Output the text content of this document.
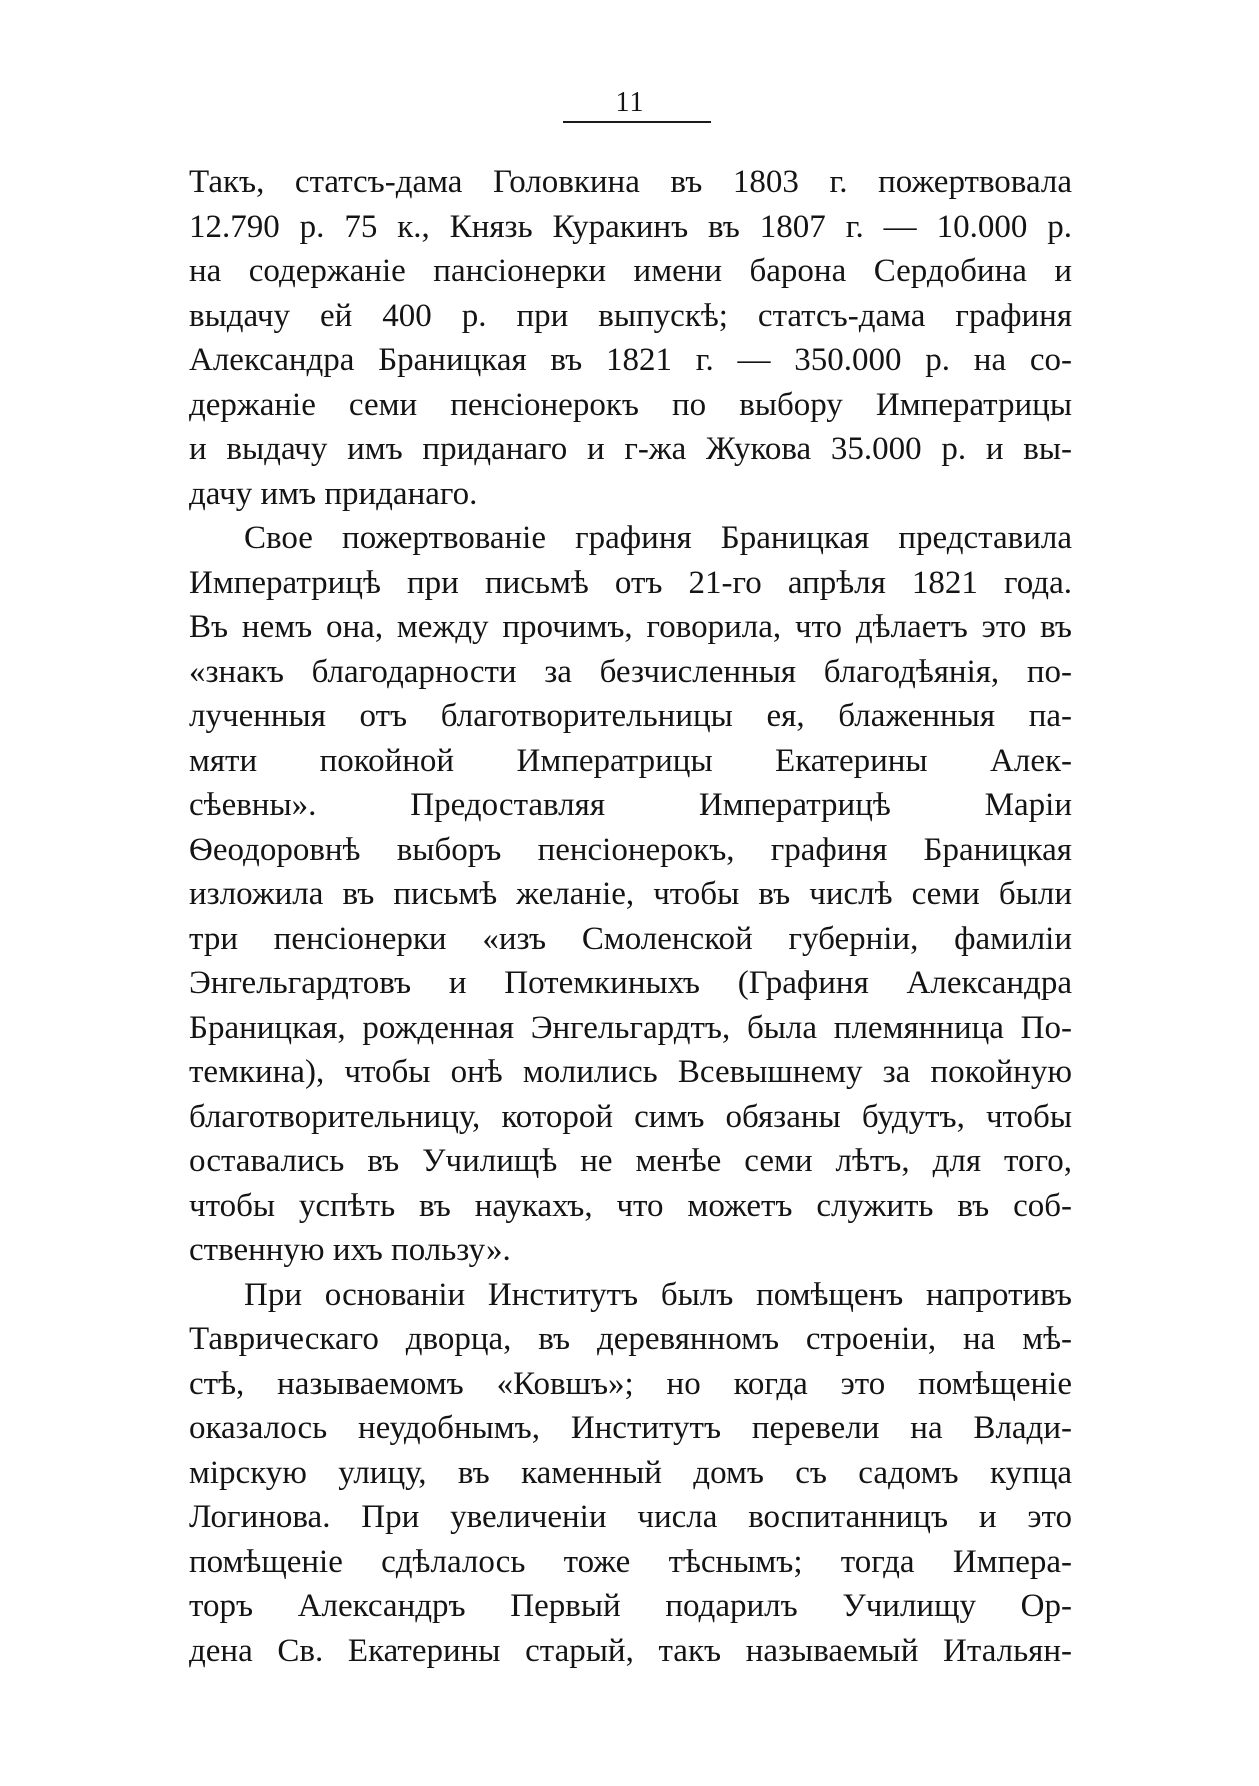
11
Такъ, статсъ-дама Головкина въ 1803 г. пожертвовала
12.790 р. 75 к., Князь Куракинъ въ 1807 г. — 10.000 р.
на содержаніе пансіонерки имени барона Сердобина и
выдачу ей 400 р. при выпускѣ; статсъ-дама графиня
Александра Браницкая въ 1821 г. — 350.000 р. на со-
держаніе семи пенсіонерокъ по выбору Императрицы
и выдачу имъ приданаго и г-жа Жукова 35.000 р. и вы-
дачу имъ приданаго.
Свое пожертвованіе графиня Браницкая представила
Императрицѣ при письмѣ отъ 21-го апрѣля 1821 года.
Въ немъ она, между прочимъ, говорила, что дѣлаетъ это въ
«знакъ благодарности за безчисленныя благодѣянія, по-
лученныя отъ благотворительницы ея, блаженныя па-
мяти покойной Императрицы Екатерины Алек-
сѣевны». Предоставляя Императрицѣ Маріи
Ѳеодоровнѣ выборъ пенсіонерокъ, графиня Браницкая
изложила въ письмѣ желаніе, чтобы въ числѣ семи были
три пенсіонерки «изъ Смоленской губерніи, фамиліи
Энгельгардтовъ и Потемкиныхъ (Графиня Александра
Браницкая, рожденная Энгельгардтъ, была племянница По-
темкина), чтобы онѣ молились Всевышнему за покойную
благотворительницу, которой симъ обязаны будутъ, чтобы
оставались въ Училищѣ не менѣе семи лѣтъ, для того,
чтобы успѣть въ наукахъ, что можетъ служить въ соб-
ственную ихъ пользу».
При основаніи Институтъ былъ помѣщенъ напротивъ
Таврическаго дворца, въ деревянномъ строеніи, на мѣ-
стѣ, называемомъ «Ковшъ»; но когда это помѣщеніе
оказалось неудобнымъ, Институтъ перевели на Влади-
мірскую улицу, въ каменный домъ съ садомъ купца
Логинова. При увеличеніи числа воспитанницъ и это
помѣщеніе сдѣлалось тоже тѣснымъ; тогда Импера-
торъ Александръ Первый подарилъ Училищу Ор-
дена Св. Екатерины старый, такъ называемый Итальян-
